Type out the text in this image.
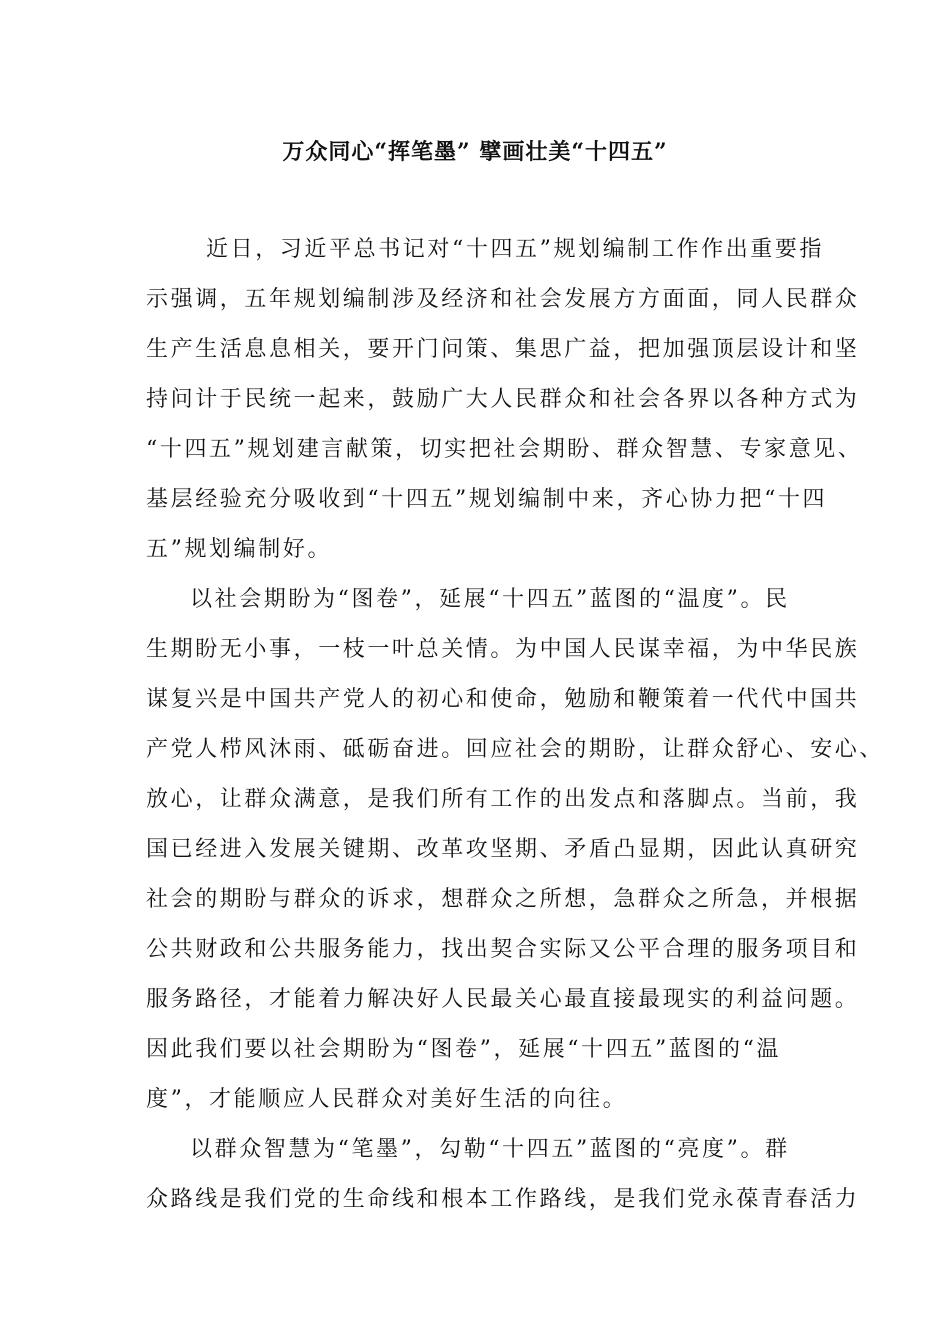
万众同心“挥笔墨” 擘画壮美“十四五”
近日，习近平总书记对“十四五”规划编制工作作出重要指
示强调，五年规划编制涉及经济和社会发展方方面面，同人民群众
生产生活息息相关，要开门问策、集思广益，把加强顶层设计和坚
持问计于民统一起来，鼓励广大人民群众和社会各界以各种方式为
“十四五”规划建言献策，切实把社会期盼、群众智慧、专家意见、
基层经验充分吸收到“十四五”规划编制中来，齐心协力把“十四
五”规划编制好。
以社会期盼为“图卷”，延展“十四五”蓝图的“温度”。民
生期盼无小事，一枝一叶总关情。为中国人民谋幸福，为中华民族
谋复兴是中国共产党人的初心和使命，勉励和鞭策着一代代中国共
产党人栉风沐雨、砥砺奋进。回应社会的期盼，让群众舒心、安心、
放心，让群众满意，是我们所有工作的出发点和落脚点。当前，我
国已经进入发展关键期、改革攻坚期、矛盾凸显期，因此认真研究
社会的期盼与群众的诉求，想群众之所想，急群众之所急，并根据
公共财政和公共服务能力，找出契合实际又公平合理的服务项目和
服务路径，才能着力解决好人民最关心最直接最现实的利益问题。
因此我们要以社会期盼为“图卷”，延展“十四五”蓝图的“温
度”，才能顺应人民群众对美好生活的向往。
以群众智慧为“笔墨”，勾勒“十四五”蓝图的“亮度”。群
众路线是我们党的生命线和根本工作路线，是我们党永葆青春活力
